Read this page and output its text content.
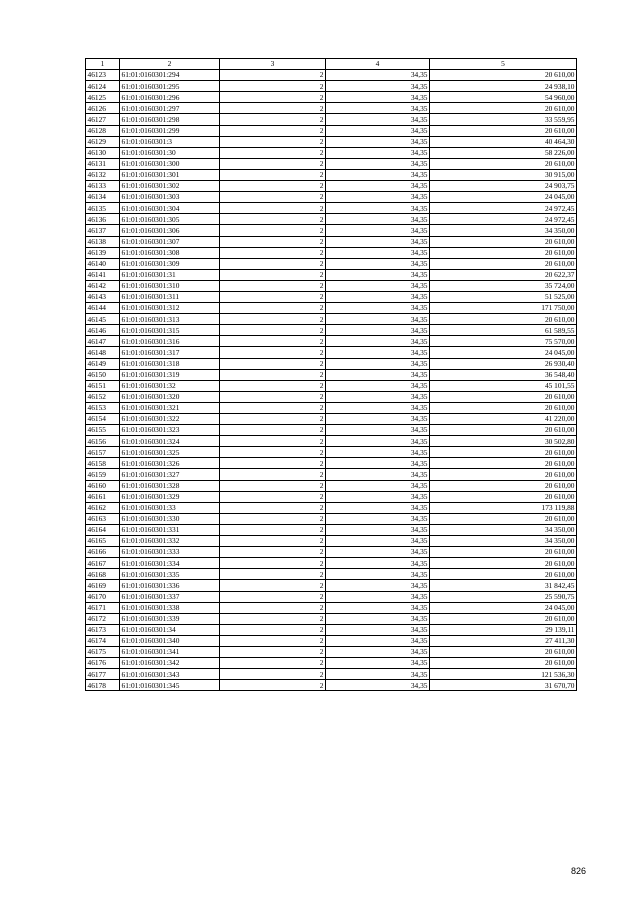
1	2	3	4	5
46123	61:01:0160301:294	2	34,35	20 610,00
46124	61:01:0160301:295	2	34,35	24 938,10
46125	61:01:0160301:296	2	34,35	54 960,00
46126	61:01:0160301:297	2	34,35	20 610,00
46127	61:01:0160301:298	2	34,35	33 559,95
46128	61:01:0160301:299	2	34,35	20 610,00
46129	61:01:0160301:3	2	34,35	40 464,30
46130	61:01:0160301:30	2	34,35	58 226,00
46131	61:01:0160301:300	2	34,35	20 610,00
46132	61:01:0160301:301	2	34,35	30 915,00
46133	61:01:0160301:302	2	34,35	24 903,75
46134	61:01:0160301:303	2	34,35	24 045,00
46135	61:01:0160301:304	2	34,35	24 972,45
46136	61:01:0160301:305	2	34,35	24 972,45
46137	61:01:0160301:306	2	34,35	34 350,00
46138	61:01:0160301:307	2	34,35	20 610,00
46139	61:01:0160301:308	2	34,35	20 610,00
46140	61:01:0160301:309	2	34,35	20 610,00
46141	61:01:0160301:31	2	34,35	20 622,37
46142	61:01:0160301:310	2	34,35	35 724,00
46143	61:01:0160301:311	2	34,35	51 525,00
46144	61:01:0160301:312	2	34,35	171 750,00
46145	61:01:0160301:313	2	34,35	20 610,00
46146	61:01:0160301:315	2	34,35	61 589,55
46147	61:01:0160301:316	2	34,35	75 570,00
46148	61:01:0160301:317	2	34,35	24 045,00
46149	61:01:0160301:318	2	34,35	26 930,40
46150	61:01:0160301:319	2	34,35	36 548,40
46151	61:01:0160301:32	2	34,35	45 101,55
46152	61:01:0160301:320	2	34,35	20 610,00
46153	61:01:0160301:321	2	34,35	20 610,00
46154	61:01:0160301:322	2	34,35	41 220,00
46155	61:01:0160301:323	2	34,35	20 610,00
46156	61:01:0160301:324	2	34,35	30 502,80
46157	61:01:0160301:325	2	34,35	20 610,00
46158	61:01:0160301:326	2	34,35	20 610,00
46159	61:01:0160301:327	2	34,35	20 610,00
46160	61:01:0160301:328	2	34,35	20 610,00
46161	61:01:0160301:329	2	34,35	20 610,00
46162	61:01:0160301:33	2	34,35	173 119,88
46163	61:01:0160301:330	2	34,35	20 610,00
46164	61:01:0160301:331	2	34,35	34 350,00
46165	61:01:0160301:332	2	34,35	34 350,00
46166	61:01:0160301:333	2	34,35	20 610,00
46167	61:01:0160301:334	2	34,35	20 610,00
46168	61:01:0160301:335	2	34,35	20 610,00
46169	61:01:0160301:336	2	34,35	31 842,45
46170	61:01:0160301:337	2	34,35	25 590,75
46171	61:01:0160301:338	2	34,35	24 045,00
46172	61:01:0160301:339	2	34,35	20 610,00
46173	61:01:0160301:34	2	34,35	29 139,11
46174	61:01:0160301:340	2	34,35	27 411,30
46175	61:01:0160301:341	2	34,35	20 610,00
46176	61:01:0160301:342	2	34,35	20 610,00
46177	61:01:0160301:343	2	34,35	121 536,30
46178	61:01:0160301:345	2	34,35	31 670,70
826
